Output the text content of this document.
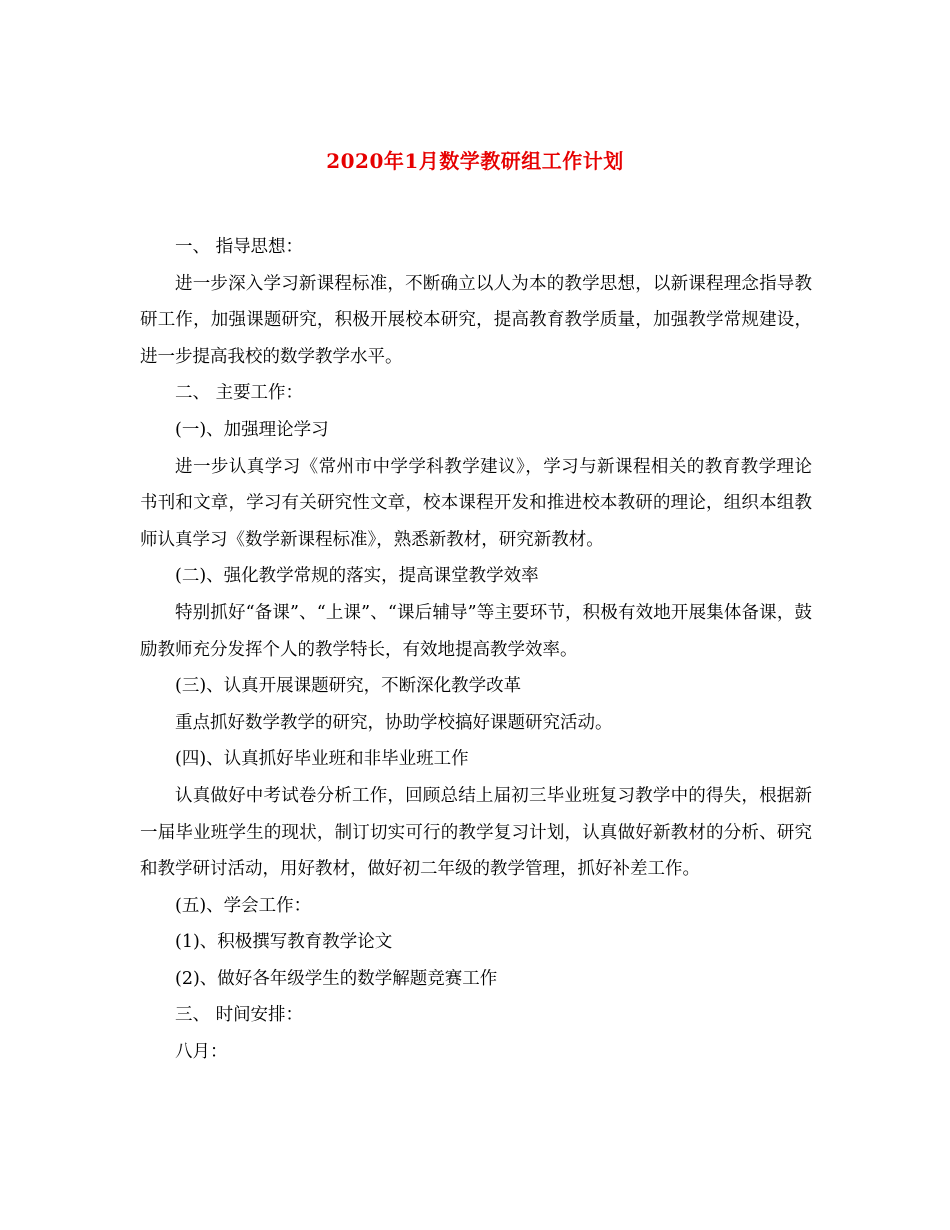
2020年1月数学教研组工作计划

一、 指导思想：

进一步深入学习新课程标准，不断确立以人为本的教学思想，以新课程理念指导教研工作，加强课题研究，积极开展校本研究，提高教育教学质量，加强教学常规建设，进一步提高我校的数学教学水平。

二、 主要工作：

(一)、加强理论学习

进一步认真学习《常州市中学学科教学建议》，学习与新课程相关的教育教学理论书刊和文章，学习有关研究性文章，校本课程开发和推进校本教研的理论，组织本组教师认真学习《数学新课程标准》，熟悉新教材，研究新教材。

(二)、强化教学常规的落实，提高课堂教学效率

特别抓好“备课”、“上课”、“课后辅导”等主要环节，积极有效地开展集体备课，鼓励教师充分发挥个人的教学特长，有效地提高教学效率。

(三)、认真开展课题研究，不断深化教学改革

重点抓好数学教学的研究，协助学校搞好课题研究活动。

(四)、认真抓好毕业班和非毕业班工作

认真做好中考试卷分析工作，回顾总结上届初三毕业班复习教学中的得失，根据新一届毕业班学生的现状，制订切实可行的教学复习计划，认真做好新教材的分析、研究和教学研讨活动，用好教材，做好初二年级的教学管理，抓好补差工作。

(五)、学会工作：

(1)、积极撰写教育教学论文

(2)、做好各年级学生的数学解题竞赛工作

三、 时间安排：

八月：
